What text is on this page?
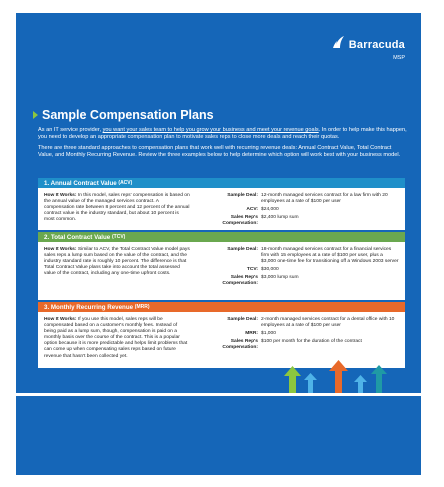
Barracuda
MSP
Sample Compensation Plans

As an IT service provider, you want your sales team to help you grow your business and meet your revenue goals. In order to help make this happen, you need to develop an appropriate compensation plan to motivate sales reps to close more deals and reach their quotas.

There are three standard approaches to compensation plans that work well with recurring revenue deals: Annual Contract Value, Total Contract Value, and Monthly Recurring Revenue. Review the three examples below to help determine which option will work best with your business model.

1. Annual Contract Value
(ACV)
How It Works: In this model, sales reps' compensation is based on the annual value of the managed services contract. A compensation rate between 8 percent and 12 percent of the annual contract value is the industry standard, but about 10 percent is most common.
Sample Deal: 12-month managed services contract for a law firm with 20 employees at a rate of $100 per user
ACV: $24,000
Sales Rep's Compensation:
$2,400 lump sum
2. Total Contract Value
(TCV)
How It Works: Similar to ACV, the Total Contract Value model pays sales reps a lump sum based on the value of the contract, and the industry standard rate is roughly 10 percent. The difference is that Total Contract Value plans take into account the total assessed value of the contract, including any one-time upfront costs.
Sample Deal: 18-month managed services contract for a financial services firm with 15 employees at a rate of $100 per user, plus a $3,000 one-time fee for transitioning off a Windows 2003 server
TCV: $30,000
Sales Rep's Compensation:
$3,000 lump sum
3. Monthly Recurring Revenue
(MRR)
How It Works: If you use this model, sales reps will be compensated based on a customer's monthly fees. Instead of being paid as a lump sum, though, compensation is paid on a monthly basis over the course of the contract. This is a popular option because it is more predictable and helps limit problems that can come up when compensating sales reps based on future revenue that hasn't been collected yet.
Sample Deal: 2-month managed services contract for a dental office with 10 employees at a rate of $100 per user
MRR: $1,000
Sales Rep's Compensation:
$100 per month for the duration of the contract
